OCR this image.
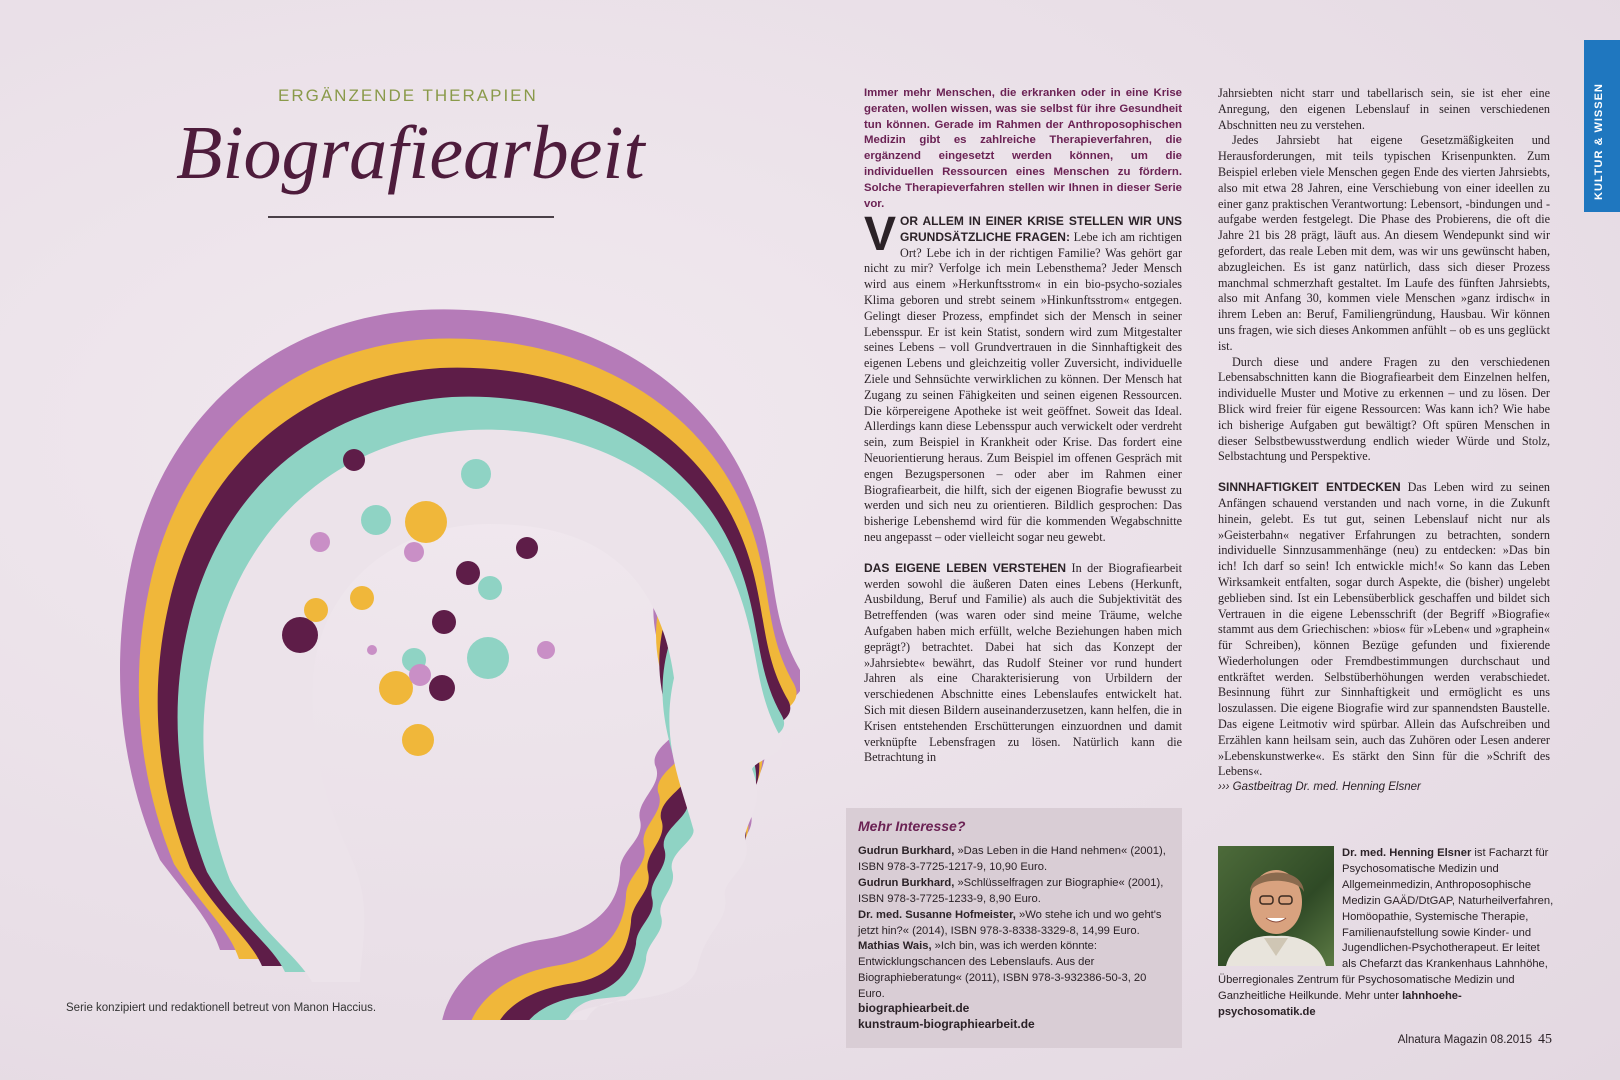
ERGÄNZENDE THERAPIEN
Biografiearbeit
Serie konzipiert und redaktionell betreut von Manon Haccius.
Immer mehr Menschen, die erkranken oder in eine Krise geraten, wollen wissen, was sie selbst für ihre Gesundheit tun können. Gerade im Rahmen der Anthroposophischen Medizin gibt es zahlreiche Therapieverfahren, die ergänzend eingesetzt werden können, um die individuellen Ressourcen eines Menschen zu fördern. Solche Therapieverfahren stellen wir Ihnen in dieser Serie vor.

VOR ALLEM IN EINER KRISE STELLEN WIR UNS GRUNDSÄTZLICHE FRAGEN: Lebe ich am richtigen Ort? Lebe ich in der richtigen Familie? Was gehört gar nicht zu mir? Verfolge ich mein Lebensthema? Jeder Mensch wird aus einem »Herkunftsstrom« in ein bio-psycho-soziales Klima geboren und strebt seinem »Hinkunftsstrom« entgegen. Gelingt dieser Prozess, empfindet sich der Mensch in seiner Lebensspur. Er ist kein Statist, sondern wird zum Mitgestalter seines Lebens – voll Grundvertrauen in die Sinnhaftigkeit des eigenen Lebens und gleichzeitig voller Zuversicht, individuelle Ziele und Sehnsüchte verwirklichen zu können. Der Mensch hat Zugang zu seinen Fähigkeiten und seinen eigenen Ressourcen. Die körpereigene Apotheke ist weit geöffnet. Soweit das Ideal. Allerdings kann diese Lebensspur auch verwickelt oder verdreht sein, zum Beispiel in Krankheit oder Krise. Das fordert eine Neuorientierung heraus. Zum Beispiel im offenen Gespräch mit engen Bezugspersonen – oder aber im Rahmen einer Biografiearbeit, die hilft, sich der eigenen Biografie bewusst zu werden und sich neu zu orientieren. Bildlich gesprochen: Das bisherige Lebenshemd wird für die kommenden Wegabschnitte neu angepasst – oder vielleicht sogar neu gewebt.

DAS EIGENE LEBEN VERSTEHEN In der Biografiearbeit werden sowohl die äußeren Daten eines Lebens (Herkunft, Ausbildung, Beruf und Familie) als auch die Subjektivität des Betreffenden (was waren oder sind meine Träume, welche Aufgaben haben mich erfüllt, welche Beziehungen haben mich geprägt?) betrachtet. Dabei hat sich das Konzept der »Jahrsiebte« bewährt, das Rudolf Steiner vor rund hundert Jahren als eine Charakterisierung von Urbildern der verschiedenen Abschnitte eines Lebenslaufes entwickelt hat. Sich mit diesen Bildern auseinanderzusetzen, kann helfen, die in Krisen entstehenden Erschütterungen einzuordnen und damit verknüpfte Lebensfragen zu lösen. Natürlich kann die Betrachtung in

Jahrsiebten nicht starr und tabellarisch sein, sie ist eher eine Anregung, den eigenen Lebenslauf in seinen verschiedenen Abschnitten neu zu verstehen.

Jedes Jahrsiebt hat eigene Gesetzmäßigkeiten und Herausforderungen, mit teils typischen Krisenpunkten. Zum Beispiel erleben viele Menschen gegen Ende des vierten Jahrsiebts, also mit etwa 28 Jahren, eine Verschiebung von einer ideellen zu einer ganz praktischen Verantwortung: Lebensort, -bindungen und -aufgabe werden festgelegt. Die Phase des Probierens, die oft die Jahre 21 bis 28 prägt, läuft aus. An diesem Wendepunkt sind wir gefordert, das reale Leben mit dem, was wir uns gewünscht haben, abzugleichen. Es ist ganz natürlich, dass sich dieser Prozess manchmal schmerzhaft gestaltet. Im Laufe des fünften Jahrsiebts, also mit Anfang 30, kommen viele Menschen »ganz irdisch« in ihrem Leben an: Beruf, Familiengründung, Hausbau. Wir können uns fragen, wie sich dieses Ankommen anfühlt – ob es uns geglückt ist.

Durch diese und andere Fragen zu den verschiedenen Lebensabschnitten kann die Biografiearbeit dem Einzelnen helfen, individuelle Muster und Motive zu erkennen – und zu lösen. Der Blick wird freier für eigene Ressourcen: Was kann ich? Wie habe ich bisherige Aufgaben gut bewältigt? Oft spüren Menschen in dieser Selbstbewusstwerdung endlich wieder Würde und Stolz, Selbstachtung und Perspektive.

SINNHAFTIGKEIT ENTDECKEN Das Leben wird zu seinen Anfängen schauend verstanden und nach vorne, in die Zukunft hinein, gelebt. Es tut gut, seinen Lebenslauf nicht nur als »Geisterbahn« negativer Erfahrungen zu betrachten, sondern individuelle Sinnzusammenhänge (neu) zu entdecken: »Das bin ich! Ich darf so sein! Ich entwickle mich!« So kann das Leben Wirksamkeit entfalten, sogar durch Aspekte, die (bisher) ungelebt geblieben sind. Ist ein Lebensüberblick geschaffen und bildet sich Vertrauen in die eigene Lebensschrift (der Begriff »Biografie« stammt aus dem Griechischen: »bios« für »Leben« und »graphein« für Schreiben), können Bezüge gefunden und fixierende Wiederholungen oder Fremdbestimmungen durchschaut und entkräftet werden. Selbstüberhöhungen werden verabschiedet. Besinnung führt zur Sinnhaftigkeit und ermöglicht es uns loszulassen. Die eigene Biografie wird zur spannendsten Baustelle. Das eigene Leitmotiv wird spürbar. Allein das Aufschreiben und Erzählen kann heilsam sein, auch das Zuhören oder Lesen anderer »Lebenskunstwerke«. Es stärkt den Sinn für die »Schrift des Lebens«.

››› Gastbeitrag Dr. med. Henning Elsner

Mehr Interesse?
Gudrun Burkhard, »Das Leben in die Hand nehmen« (2001), ISBN 978-3-7725-1217-9, 10,90 Euro.
Gudrun Burkhard, »Schlüsselfragen zur Biographie« (2001), ISBN 978-3-7725-1233-9, 8,90 Euro.
Dr. med. Susanne Hofmeister, »Wo stehe ich und wo geht's jetzt hin?« (2014), ISBN 978-3-8338-3329-8, 14,99 Euro.
Mathias Wais, »Ich bin, was ich werden könnte: Entwicklungschancen des Lebenslaufs. Aus der Biographieberatung« (2011), ISBN 978-3-932386-50-3, 20 Euro.
biographiearbeit.de
kunstraum-biographiearbeit.de
Dr. med. Henning Elsner ist Facharzt für Psychosomatische Medizin und Allgemeinmedizin, Anthroposophische Medizin GAÄD/DtGAP, Naturheilverfahren, Homöopathie, Systemische Therapie, Familienaufstellung sowie Kinder- und Jugendlichen-Psychotherapeut. Er leitet als Chefarzt das Krankenhaus Lahnhöhe,
Überregionales Zentrum für Psychosomatische Medizin und Ganzheitliche Heilkunde. Mehr unter lahnhoehe-psychosomatik.de
KULTUR & WISSEN
Alnatura Magazin 08.2015 45
